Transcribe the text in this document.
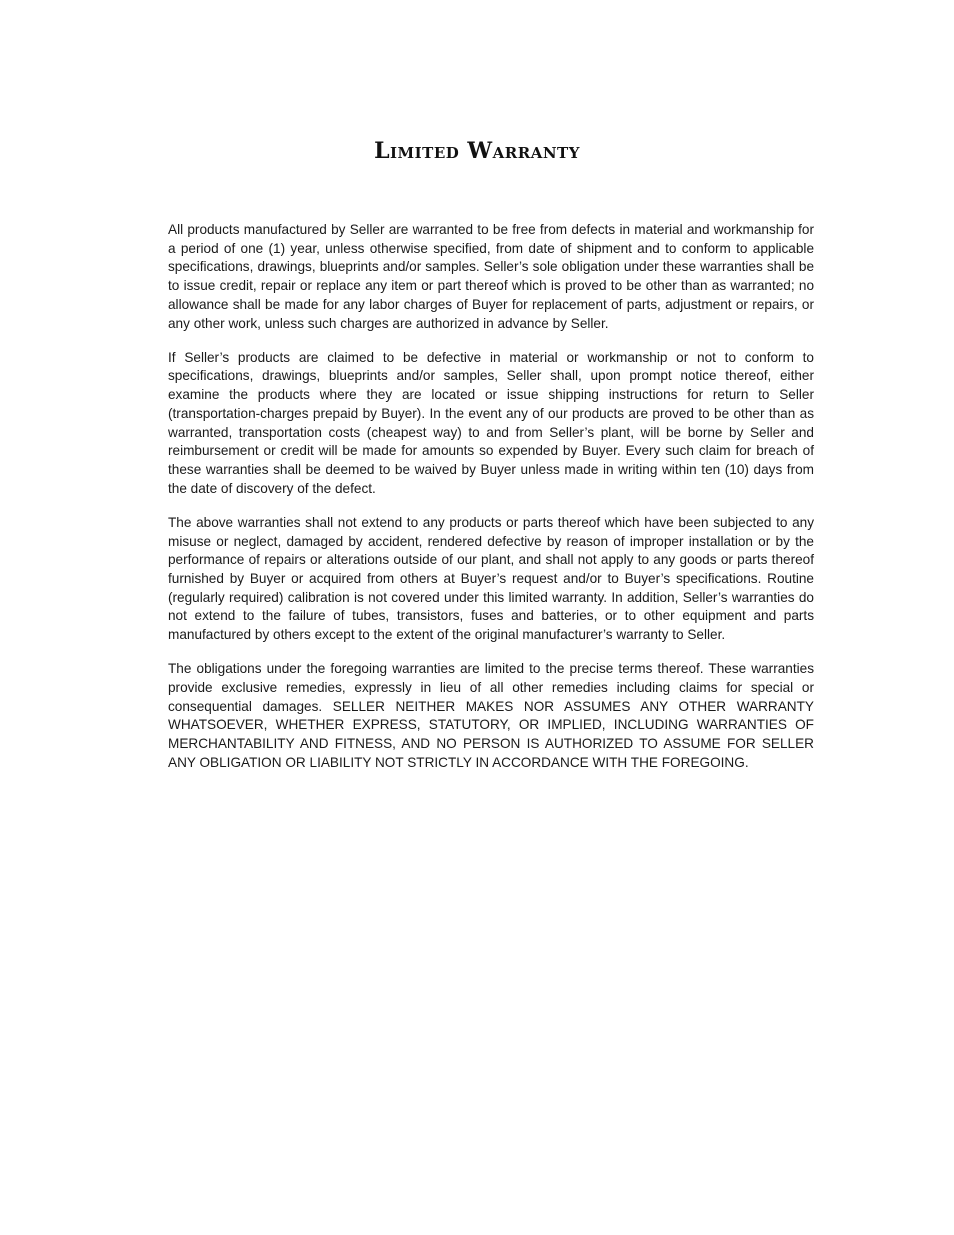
Limited Warranty

All products manufactured by Seller are warranted to be free from defects in material and workmanship for a period of one (1) year, unless otherwise specified, from date of shipment and to conform to applicable specifications, drawings, blueprints and/or samples. Seller’s sole obligation under these warranties shall be to issue credit, repair or replace any item or part thereof which is proved to be other than as warranted; no allowance shall be made for any labor charges of Buyer for replacement of parts, adjustment or repairs, or any other work, unless such charges are authorized in advance by Seller.

If Seller’s products are claimed to be defective in material or workmanship or not to conform to specifications, drawings, blueprints and/or samples, Seller shall, upon prompt notice thereof, either examine the products where they are located or issue shipping instructions for return to Seller (transportation-charges prepaid by Buyer). In the event any of our products are proved to be other than as warranted, transportation costs (cheapest way) to and from Seller’s plant, will be borne by Seller and reimbursement or credit will be made for amounts so expended by Buyer. Every such claim for breach of these warranties shall be deemed to be waived by Buyer unless made in writing within ten (10) days from the date of discovery of the defect.

The above warranties shall not extend to any products or parts thereof which have been subjected to any misuse or neglect, damaged by accident, rendered defective by reason of improper installation or by the performance of repairs or alterations outside of our plant, and shall not apply to any goods or parts thereof furnished by Buyer or acquired from others at Buyer’s request and/or to Buyer’s specifications. Routine (regularly required) calibration is not covered under this limited warranty. In addition, Seller’s warranties do not extend to the failure of tubes, transistors, fuses and batteries, or to other equipment and parts manufactured by others except to the extent of the original manufacturer’s warranty to Seller.

The obligations under the foregoing warranties are limited to the precise terms thereof. These warranties provide exclusive remedies, expressly in lieu of all other remedies including claims for special or consequential damages. SELLER NEITHER MAKES NOR ASSUMES ANY OTHER WARRANTY WHATSOEVER, WHETHER EXPRESS, STATUTORY, OR IMPLIED, INCLUDING WARRANTIES OF MERCHANTABILITY AND FITNESS, AND NO PERSON IS AUTHORIZED TO ASSUME FOR SELLER ANY OBLIGATION OR LIABILITY NOT STRICTLY IN ACCORDANCE WITH THE FOREGOING.
